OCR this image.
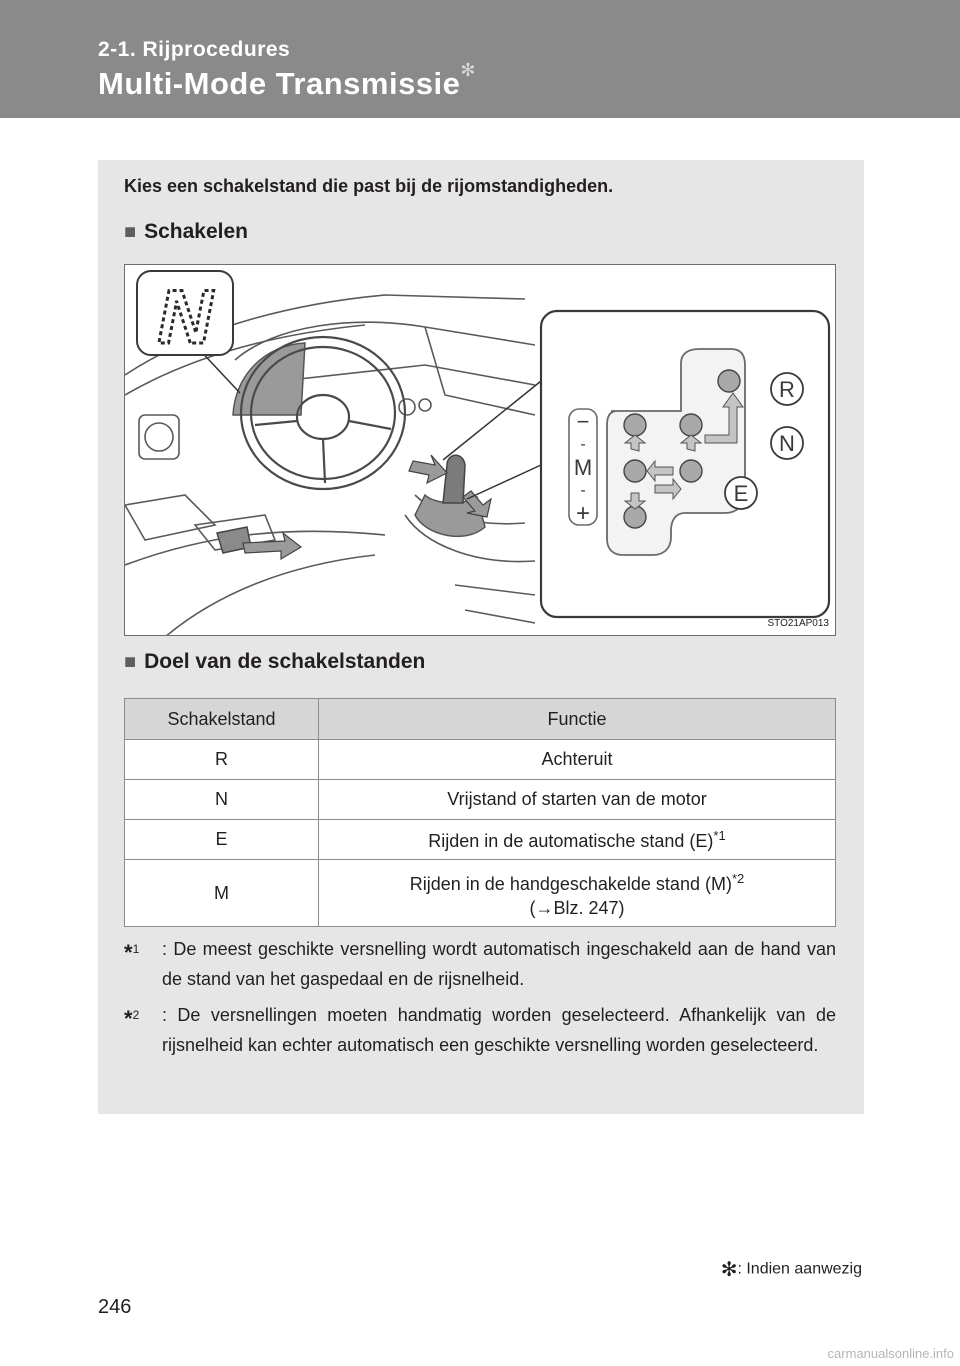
2-1. Rijprocedures
Multi-Mode Transmissie✻
Kies een schakelstand die past bij de rijomstandigheden.
■ Schakelen
N
R
N
E
−
-
M
-
+
STO21AP013
■ Doel van de schakelstanden
Schakelstand	Functie
R	Achteruit
N	Vrijstand of starten van de motor
E	Rijden in de automatische stand $(E)^{*1}$
M	Rijden in de handgeschakelde stand $(M)^{*2}$
(→Blz. 247)
*$^1$ : De meest geschikte versnelling wordt automatisch ingeschakeld aan de hand van de stand van het gaspedaal en de rijsnelheid.
*$^2$ : De versnellingen moeten handmatig worden geselecteerd. Afhankelijk van de rijsnelheid kan echter automatisch een geschikte versnelling worden geselecteerd.
✻: Indien aanwezig
246
carmanualsonline.info
